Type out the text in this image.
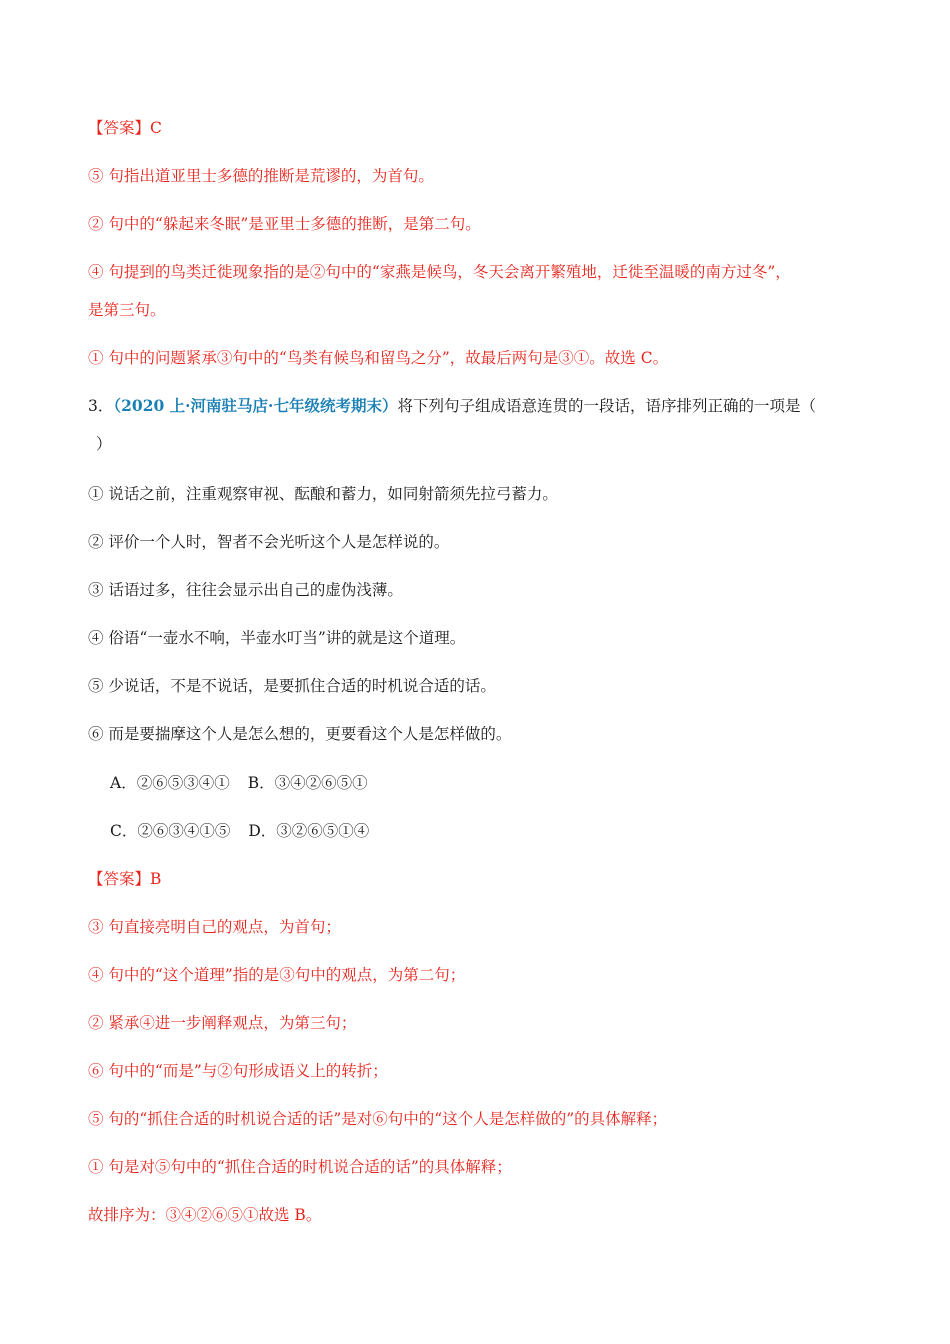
【答案】C
⑤ 句指出道亚里士多德的推断是荒谬的，为首句。
② 句中的“躲起来冬眠”是亚里士多德的推断，是第二句。
④ 句提到的鸟类迁徙现象指的是②句中的“家燕是候鸟，冬天会离开繁殖地，迁徙至温暖的南方过冬”，
是第三句。
① 句中的问题紧承③句中的“鸟类有候鸟和留鸟之分”，故最后两句是③①。故选 C。
3．（2020 上·河南驻马店·七年级统考期末）将下列句子组成语意连贯的一段话，语序排列正确的一项是（
）
① 说话之前，注重观察审视、酝酿和蓄力，如同射箭须先拉弓蓄力。
② 评价一个人时，智者不会光听这个人是怎样说的。
③ 话语过多，往往会显示出自己的虚伪浅薄。
④ 俗语“一壶水不响，半壶水叮当”讲的就是这个道理。
⑤ 少说话，不是不说话，是要抓住合适的时机说合适的话。
⑥ 而是要揣摩这个人是怎么想的，更要看这个人是怎样做的。
A．②⑥⑤③④① B．③④②⑥⑤①
C．②⑥③④①⑤ D．③②⑥⑤①④
【答案】B
③ 句直接亮明自己的观点，为首句；
④ 句中的“这个道理”指的是③句中的观点，为第二句；
② 紧承④进一步阐释观点，为第三句；
⑥ 句中的“而是”与②句形成语义上的转折；
⑤ 句的“抓住合适的时机说合适的话”是对⑥句中的“这个人是怎样做的”的具体解释；
① 句是对⑤句中的“抓住合适的时机说合适的话”的具体解释；
故排序为：③④②⑥⑤①故选 B。
